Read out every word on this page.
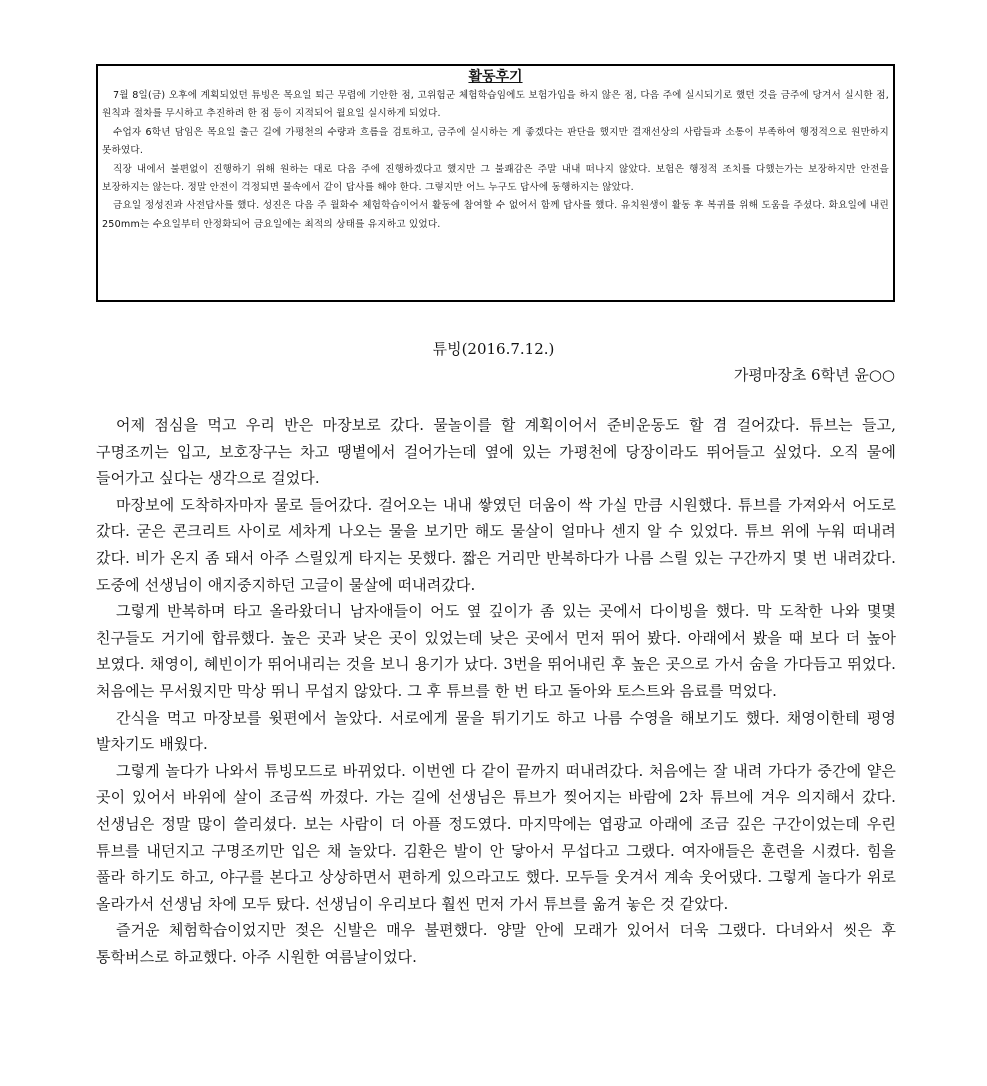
활동후기

7월 8일(금) 오후에 계획되었던 튜빙은 목요일 퇴근 무렵에 기안한 점, 고위험군 체험학습임에도 보험가입을 하지 않은 점, 다음 주에 실시되기로 했던 것을 금주에 당겨서 실시한 점, 원칙과 절차를 무시하고 추진하려 한 점 등이 지적되어 월요일 실시하게 되었다.

수업자 6학년 담임은 목요일 출근 길에 가평천의 수량과 흐름을 검토하고, 금주에 실시하는 게 좋겠다는 판단을 했지만 결재선상의 사람들과 소통이 부족하여 행정적으로 원만하지 못하였다.

직장 내에서 불편없이 진행하기 위해 원하는 대로 다음 주에 진행하겠다고 했지만 그 불쾌감은 주말 내내 떠나지 않았다. 보험은 행정적 조치를 다했는가는 보장하지만 안전을 보장하지는 않는다. 정말 안전이 걱정되면 물속에서 같이 답사를 해야 한다. 그렇지만 어느 누구도 답사에 동행하지는 않았다.

금요일 정성진과 사전답사를 했다. 성진은 다음 주 월화수 체험학습이어서 활동에 참여할 수 없어서 함께 답사를 했다. 유치원생이 활동 후 복귀를 위해 도움을 주셨다. 화요일에 내린 250mm는 수요일부터 안정화되어 금요일에는 최적의 상태를 유지하고 있었다.

튜빙(2016.7.12.)

가평마장초 6학년 윤○○

어제 점심을 먹고 우리 반은 마장보로 갔다. 물놀이를 할 계획이어서 준비운동도 할 겸 걸어갔다. 튜브는 들고, 구명조끼는 입고, 보호장구는 차고 땡볕에서 걸어가는데 옆에 있는 가평천에 당장이라도 뛰어들고 싶었다. 오직 물에 들어가고 싶다는 생각으로 걸었다.

마장보에 도착하자마자 물로 들어갔다. 걸어오는 내내 쌓였던 더움이 싹 가실 만큼 시원했다. 튜브를 가져와서 어도로 갔다. 굳은 콘크리트 사이로 세차게 나오는 물을 보기만 해도 물살이 얼마나 센지 알 수 있었다. 튜브 위에 누워 떠내려 갔다. 비가 온지 좀 돼서 아주 스릴있게 타지는 못했다. 짧은 거리만 반복하다가 나름 스릴 있는 구간까지 몇 번 내려갔다. 도중에 선생님이 애지중지하던 고글이 물살에 떠내려갔다.

그렇게 반복하며 타고 올라왔더니 남자애들이 어도 옆 깊이가 좀 있는 곳에서 다이빙을 했다. 막 도착한 나와 몇몇 친구들도 거기에 합류했다. 높은 곳과 낮은 곳이 있었는데 낮은 곳에서 먼저 뛰어 봤다. 아래에서 봤을 때 보다 더 높아 보였다. 채영이, 혜빈이가 뛰어내리는 것을 보니 용기가 났다. 3번을 뛰어내린 후 높은 곳으로 가서 숨을 가다듬고 뛰었다. 처음에는 무서웠지만 막상 뛰니 무섭지 않았다. 그 후 튜브를 한 번 타고 돌아와 토스트와 음료를 먹었다.

간식을 먹고 마장보를 윗편에서 놀았다. 서로에게 물을 튀기기도 하고 나름 수영을 해보기도 했다. 채영이한테 평영 발차기도 배웠다.

그렇게 놀다가 나와서 튜빙모드로 바뀌었다. 이번엔 다 같이 끝까지 떠내려갔다. 처음에는 잘 내려 가다가 중간에 얕은 곳이 있어서 바위에 살이 조금씩 까졌다. 가는 길에 선생님은 튜브가 찢어지는 바람에 2차 튜브에 겨우 의지해서 갔다. 선생님은 정말 많이 쓸리셨다. 보는 사람이 더 아플 정도였다. 마지막에는 엽광교 아래에 조금 깊은 구간이었는데 우린 튜브를 내던지고 구명조끼만 입은 채 놀았다. 김환은 발이 안 닿아서 무섭다고 그랬다. 여자애들은 훈련을 시켰다. 힘을 풀라 하기도 하고, 야구를 본다고 상상하면서 편하게 있으라고도 했다. 모두들 웃겨서 계속 웃어댔다. 그렇게 놀다가 위로 올라가서 선생님 차에 모두 탔다. 선생님이 우리보다 훨씬 먼저 가서 튜브를 옮겨 놓은 것 같았다.

즐거운 체험학습이었지만 젖은 신발은 매우 불편했다. 양말 안에 모래가 있어서 더욱 그랬다. 다녀와서 씻은 후 통학버스로 하교했다. 아주 시원한 여름날이었다.
